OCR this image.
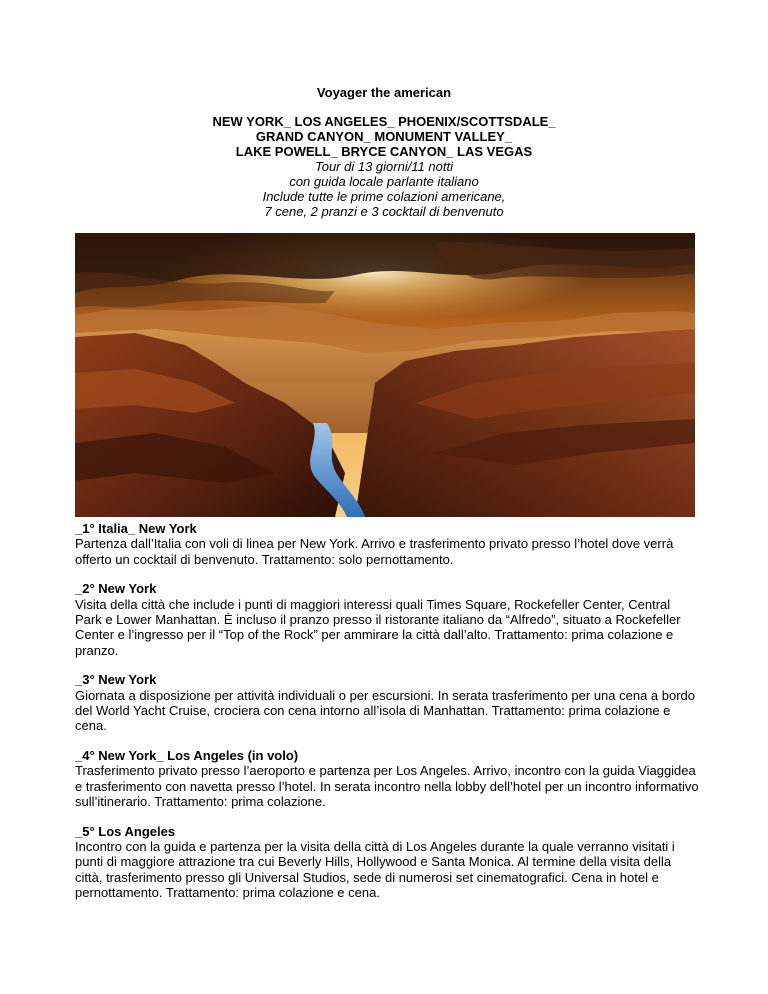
Voyager the american

NEW YORK_ LOS ANGELES_ PHOENIX/SCOTTSDALE_

GRAND CANYON_ MONUMENT VALLEY_

LAKE POWELL_ BRYCE CANYON_ LAS VEGAS

Tour di 13 giorni/11 notti

con guida locale parlante italiano

Include tutte le prime colazioni americane,

7 cene, 2 pranzi e 3 cocktail di benvenuto

_1° Italia_ New York

Partenza dall’Italia con voli di linea per New York. Arrivo e trasferimento privato presso l’hotel dove verrà offerto un cocktail di benvenuto. Trattamento: solo pernottamento.

_2° New York

Visita della città che include i punti di maggiori interessi quali Times Square, Rockefeller Center, Central Park e Lower Manhattan. È incluso il pranzo presso il ristorante italiano da “Alfredo”, situato a Rockefeller Center e l’ingresso per il “Top of the Rock” per ammirare la città dall’alto. Trattamento: prima colazione e pranzo.

_3° New York

Giornata a disposizione per attività individuali o per escursioni. In serata trasferimento per una cena a bordo del World Yacht Cruise, crociera con cena intorno all’isola di Manhattan. Trattamento: prima colazione e cena.

_4° New York_ Los Angeles (in volo)

Trasferimento privato presso l’aeroporto e partenza per Los Angeles. Arrivo, incontro con la guida Viaggidea e trasferimento con navetta presso l’hotel. In serata incontro nella lobby dell’hotel per un incontro informativo sull’itinerario. Trattamento: prima colazione.

_5° Los Angeles

Incontro con la guida e partenza per la visita della città di Los Angeles durante la quale verranno visitati i punti di maggiore attrazione tra cui Beverly Hills, Hollywood e Santa Monica. Al termine della visita della città, trasferimento presso gli Universal Studios, sede di numerosi set cinematografici. Cena in hotel e pernottamento. Trattamento: prima colazione e cena.
